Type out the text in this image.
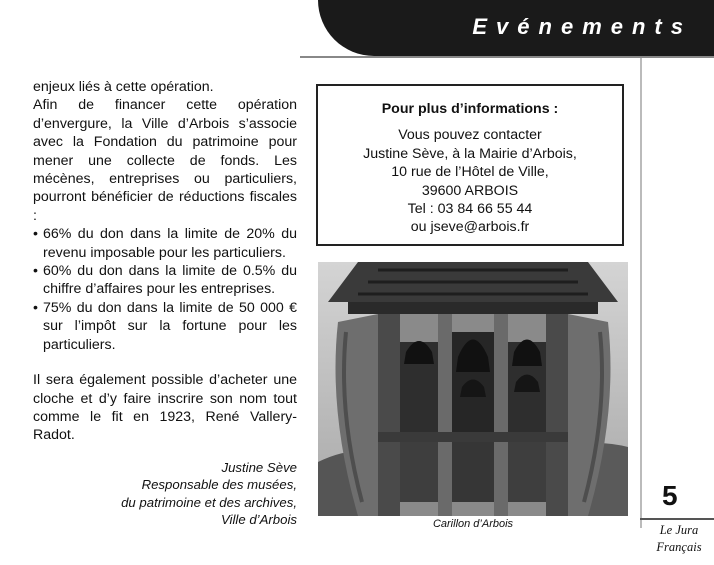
Evénements

enjeux liés à cette opération.

Afin de financer cette opération d’envergure, la Ville d’Arbois s’associe avec la Fondation du patrimoine pour mener une collecte de fonds. Les mécènes, entreprises ou particuliers, pourront bénéficier de réductions fiscales :

• 66% du don dans la limite de 20% du revenu imposable pour les particuliers.
• 60% du don dans la limite de 0.5% du chiffre d’affaires pour les entreprises.
• 75% du don dans la limite de 50 000 € sur l’impôt sur la fortune pour les particuliers.

Il sera également possible d’acheter une cloche et d’y faire inscrire son nom tout comme le fit en 1923, René Vallery-Radot.

Justine Sève
Responsable des musées,
du patrimoine et des archives,
Ville d’Arbois
Pour plus d’informations :
Vous pouvez contacter
Justine Sève, à la Mairie d’Arbois,
10 rue de l’Hôtel de Ville,
39600 ARBOIS
Tel : 03 84 66 55 44
ou jseve@arbois.fr
Carillon d’Arbois
5
Le Jura
Français
